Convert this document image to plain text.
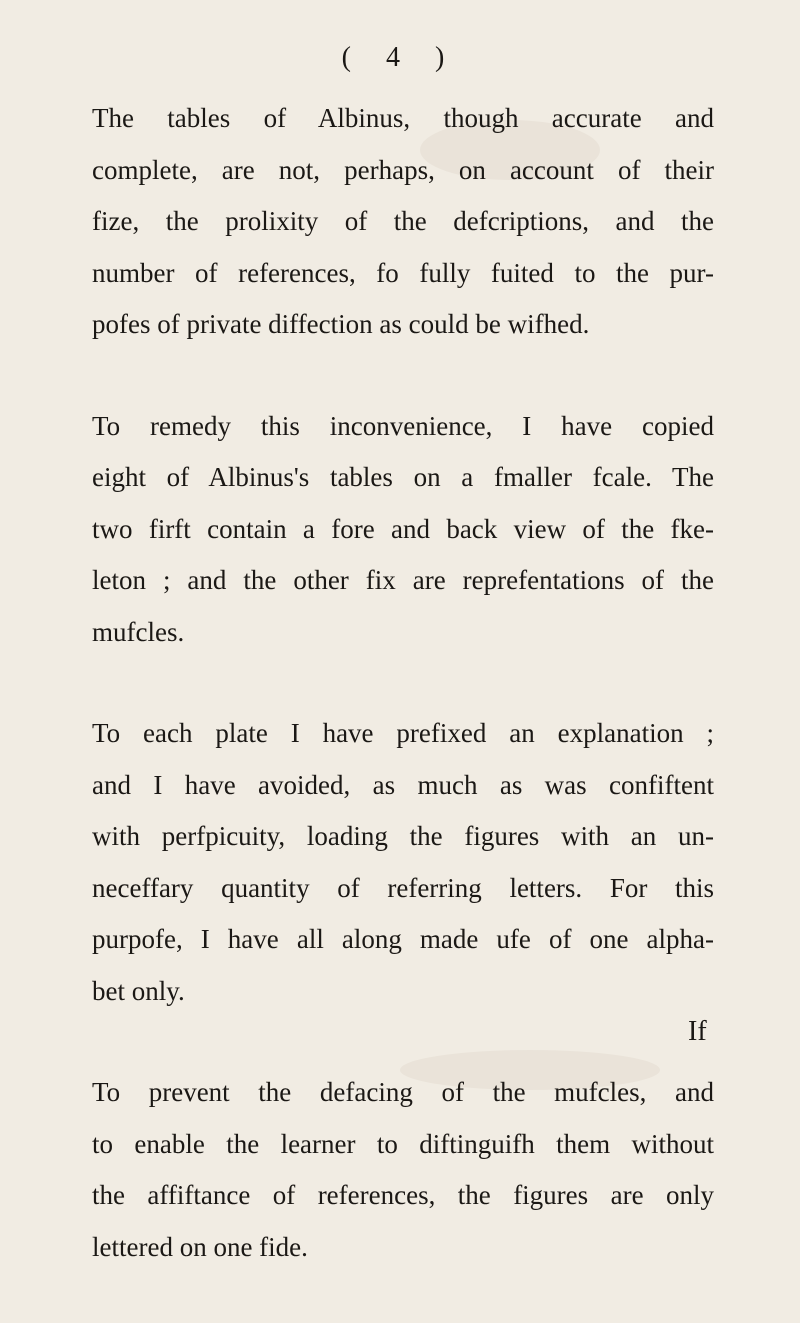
( 4 )

The tables of Albinus, though accurate and
complete, are not, perhaps, on account of their
fize, the prolixity of the defcriptions, and the
number of references, fo fully fuited to the pur-
pofes of private diffection as could be wifhed.

To remedy this inconvenience, I have copied
eight of Albinus's tables on a fmaller fcale. The
two firft contain a fore and back view of the fke-
leton ; and the other fix are reprefentations of the
mufcles.

To each plate I have prefixed an explanation ;
and I have avoided, as much as was confiftent
with perfpicuity, loading the figures with an un-
neceffary quantity of referring letters. For this
purpofe, I have all along made ufe of one alpha-
bet only.

To prevent the defacing of the mufcles, and
to enable the learner to diftinguifh them without
the affiftance of references, the figures are only
lettered on one fide.

If
